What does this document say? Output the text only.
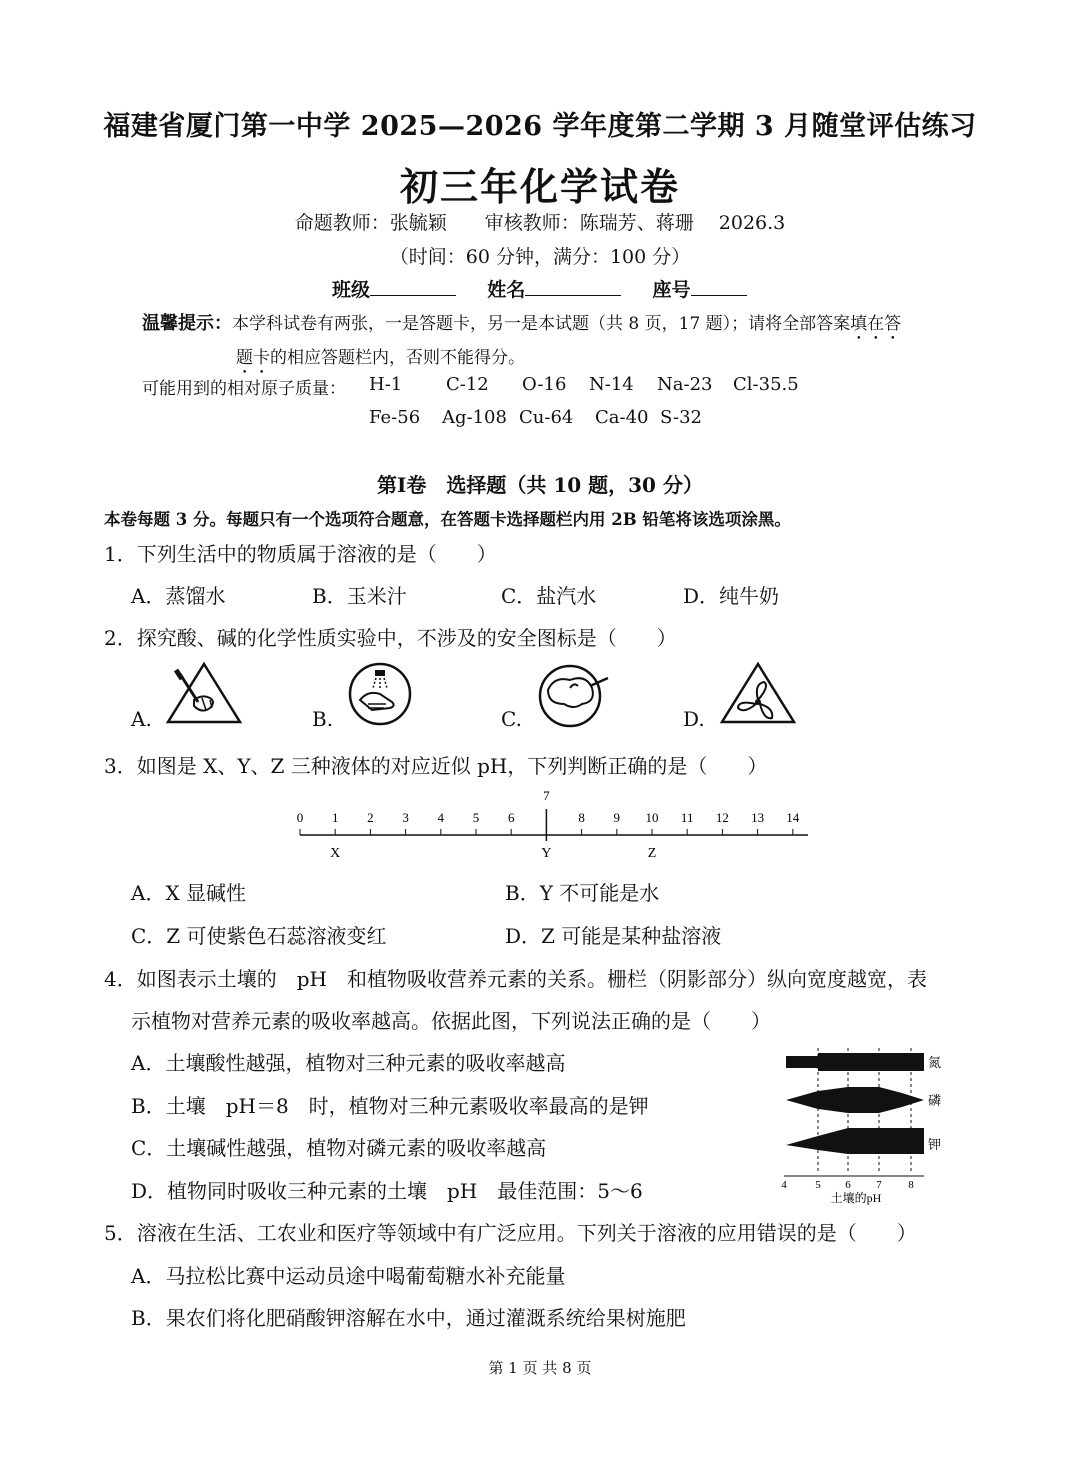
福建省厦门第一中学 2025—2026 学年度第二学期 3 月随堂评估练习
初三年化学试卷
命题教师：张毓颖　　审核教师：陈瑞芳、蒋珊　 2026.3
（时间：60 分钟，满分：100 分）
班级	姓名	座号
温馨提示：本学科试卷有两张，一是答题卡，另一是本试题（共 8 页，17 题）；请将全部答案填在答
题卡的相应答题栏内，否则不能得分。
可能用到的相对原子质量： H-1 C-12 O-16 N-14 Na-23 Cl-35.5
Fe-56 Ag-108 Cu-64 Ca-40 S-32
第Ⅰ卷　选择题（共 10 题，30 分）
本卷每题 3 分。每题只有一个选项符合题意，在答题卡选择题栏内用 2B 铅笔将该选项涂黑。
1．下列生活中的物质属于溶液的是（　　）
A．蒸馏水	B．玉米汁	C．盐汽水	D．纯牛奶
2．探究酸、碱的化学性质实验中，不涉及的安全图标是（　　）
A.	B.	C.	D.
3．如图是 X、Y、Z 三种液体的对应近似 pH，下列判断正确的是（　　）
0 1 2 3 4 5 6
7
8 9 10 11 12 13 14
X	Y	Z
A．X 显碱性	B．Y 不可能是水
C．Z 可使紫色石蕊溶液变红	D．Z 可能是某种盐溶液
4．如图表示土壤的　pH　和植物吸收营养元素的关系。栅栏（阴影部分）纵向宽度越宽，表
示植物对营养元素的吸收率越高。依据此图，下列说法正确的是（　　）
A．土壤酸性越强，植物对三种元素的吸收率越高
B．土壤　pH＝8　时，植物对三种元素吸收率最高的是钾
C．土壤碱性越强，植物对磷元素的吸收率越高
D．植物同时吸收三种元素的土壤　pH　最佳范围：5～6
氮
磷
钾
4	5 6 7 8
土壤的pH
5．溶液在生活、工农业和医疗等领域中有广泛应用。下列关于溶液的应用错误的是（　　）
A．马拉松比赛中运动员途中喝葡萄糖水补充能量
B．果农们将化肥硝酸钾溶解在水中，通过灌溉系统给果树施肥
第 1 页 共 8 页
